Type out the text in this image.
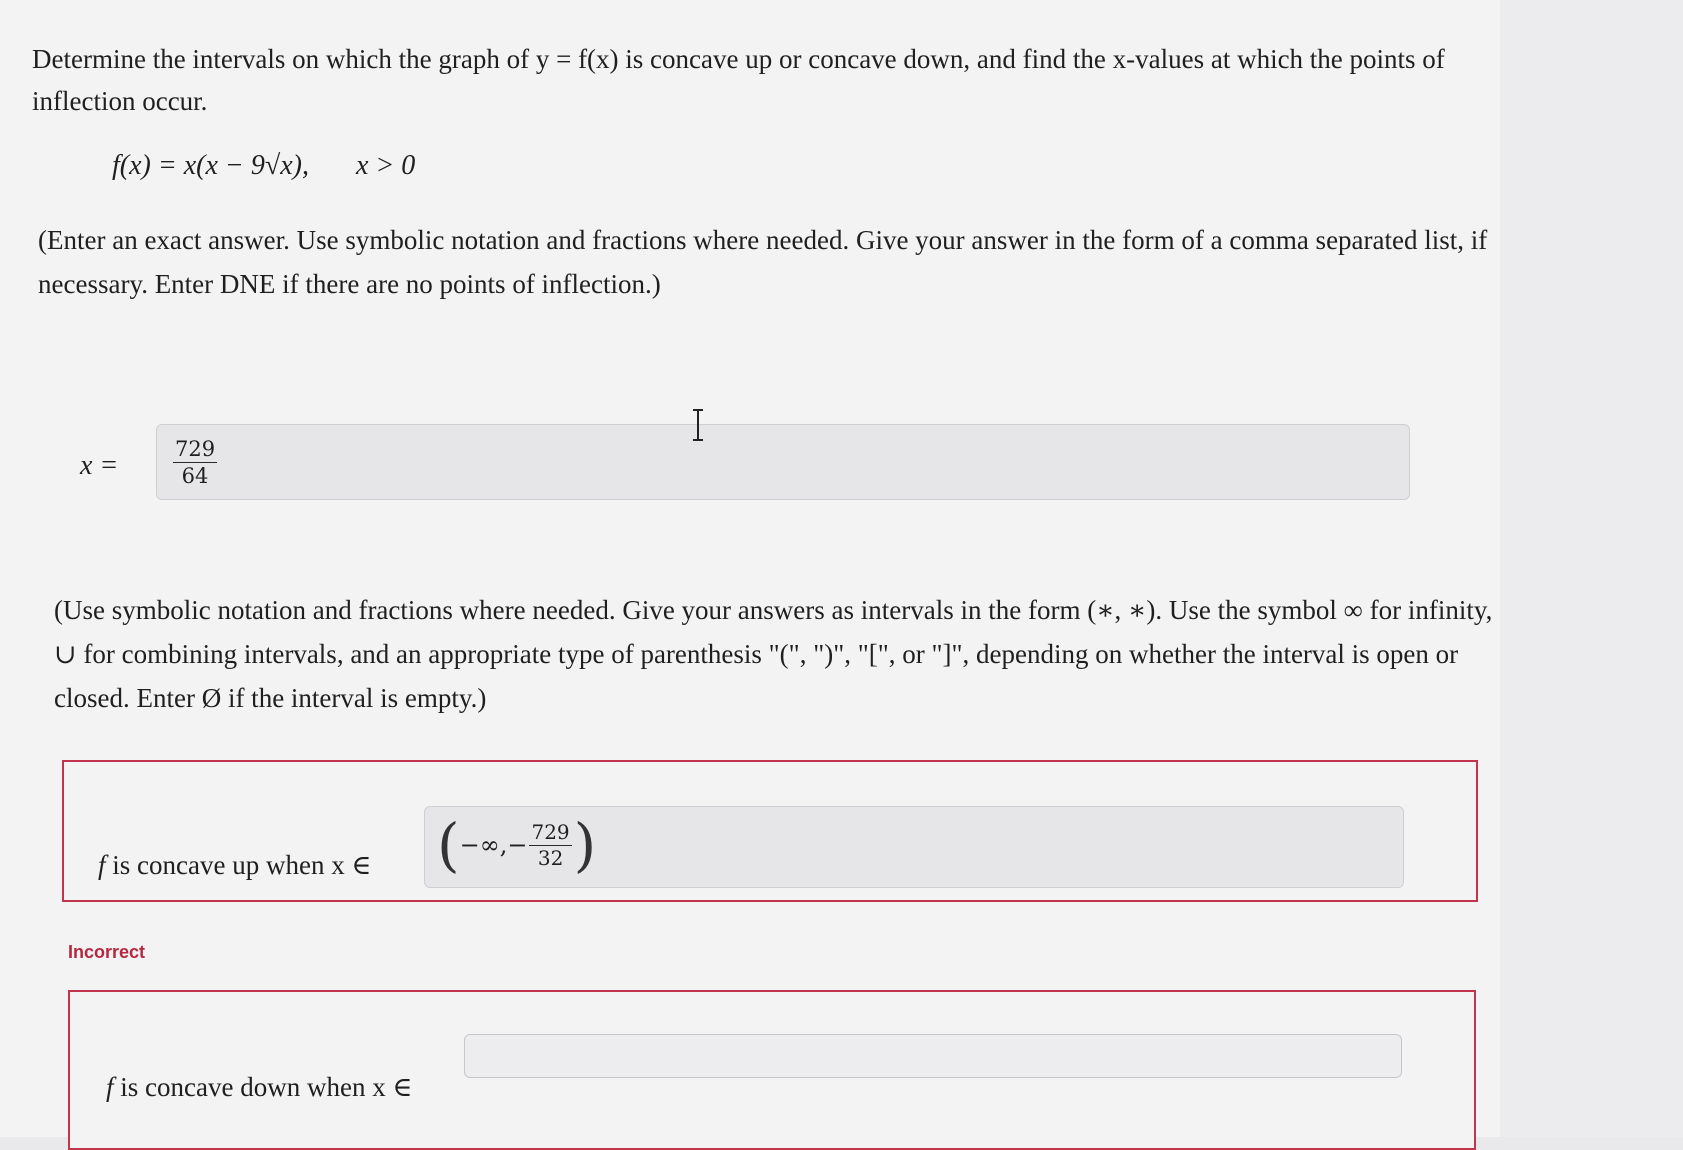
Determine the intervals on which the graph of y = f(x) is concave up or concave down, and find the x-values at which the points of inflection occur.
f(x) = x(x − 9√x), x > 0
(Enter an exact answer. Use symbolic notation and fractions where needed. Give your answer in the form of a comma separated list, if necessary. Enter DNE if there are no points of inflection.)
x =	$\frac{729}{64}$
(Use symbolic notation and fractions where needed. Give your answers as intervals in the form (∗, ∗). Use the symbol ∞ for infinity, ∪ for combining intervals, and an appropriate type of parenthesis "(", ")", "[", or "]", depending on whether the interval is open or closed. Enter Ø if the interval is empty.)
f is concave up when x ∈ ( −∞,− $\frac{729}{32}$ )
Incorrect
f is concave down when x ∈
